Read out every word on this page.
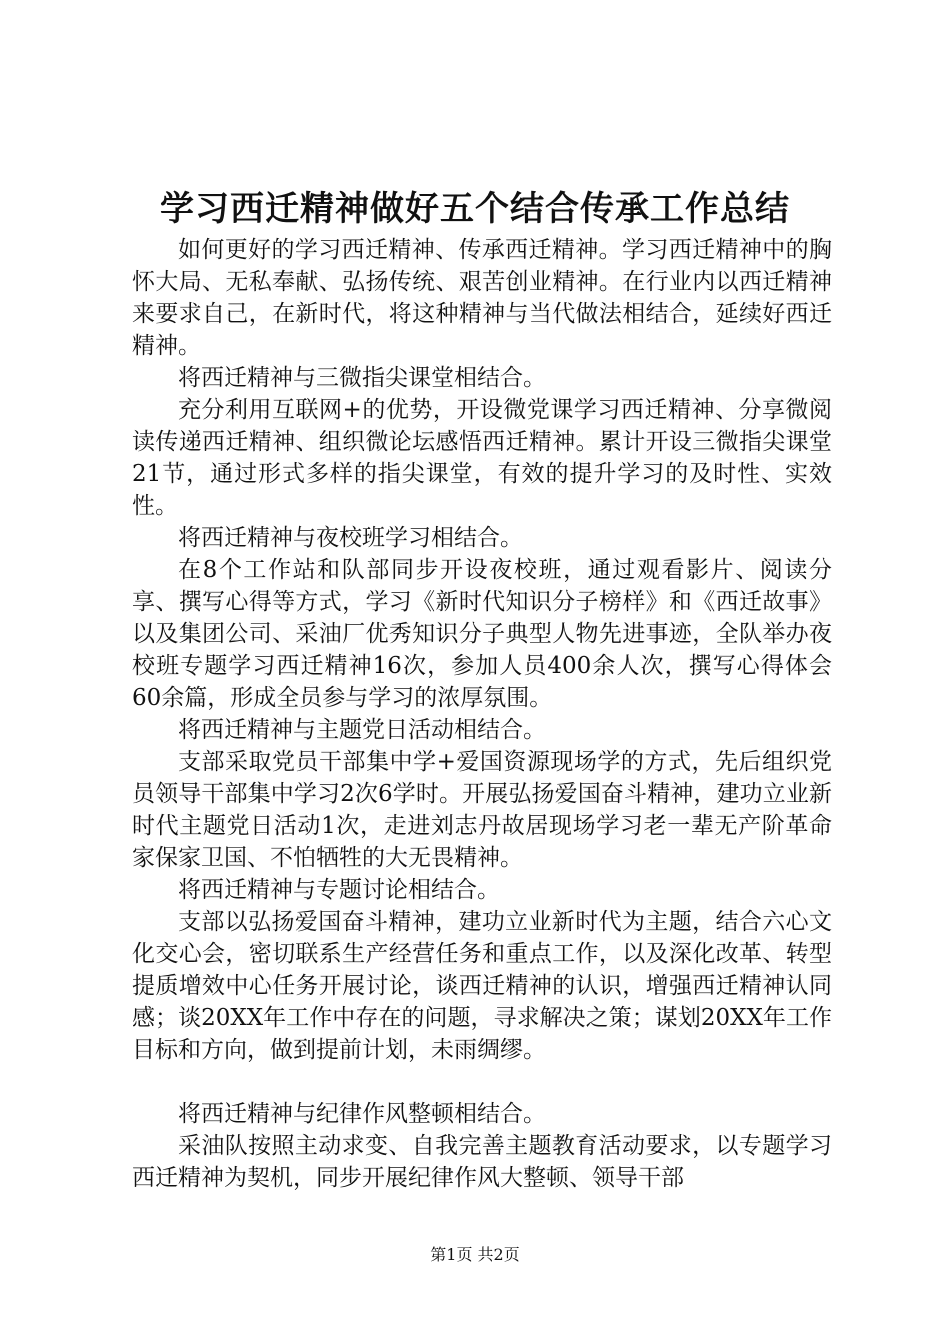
学习西迁精神做好五个结合传承工作总结

如何更好的学习西迁精神、传承西迁精神。学习西迁精神中的胸怀大局、无私奉献、弘扬传统、艰苦创业精神。在行业内以西迁精神来要求自己，在新时代，将这种精神与当代做法相结合，延续好西迁精神。

将西迁精神与三微指尖课堂相结合。

充分利用互联网+的优势，开设微党课学习西迁精神、分享微阅读传递西迁精神、组织微论坛感悟西迁精神。累计开设三微指尖课堂21节，通过形式多样的指尖课堂，有效的提升学习的及时性、实效性。

将西迁精神与夜校班学习相结合。

在8个工作站和队部同步开设夜校班，通过观看影片、阅读分享、撰写心得等方式，学习《新时代知识分子榜样》和《西迁故事》以及集团公司、采油厂优秀知识分子典型人物先进事迹，全队举办夜校班专题学习西迁精神16次，参加人员400余人次，撰写心得体会60余篇，形成全员参与学习的浓厚氛围。

将西迁精神与主题党日活动相结合。

支部采取党员干部集中学+爱国资源现场学的方式，先后组织党员领导干部集中学习2次6学时。开展弘扬爱国奋斗精神，建功立业新时代主题党日活动1次，走进刘志丹故居现场学习老一辈无产阶革命家保家卫国、不怕牺牲的大无畏精神。

将西迁精神与专题讨论相结合。

支部以弘扬爱国奋斗精神，建功立业新时代为主题，结合六心文化交心会，密切联系生产经营任务和重点工作，以及深化改革、转型提质增效中心任务开展讨论，谈西迁精神的认识，增强西迁精神认同感；谈20XX年工作中存在的问题，寻求解决之策；谋划20XX年工作目标和方向，做到提前计划，未雨绸缪。

将西迁精神与纪律作风整顿相结合。

采油队按照主动求变、自我完善主题教育活动要求，以专题学习西迁精神为契机，同步开展纪律作风大整顿、领导干部

第1页 共2页
